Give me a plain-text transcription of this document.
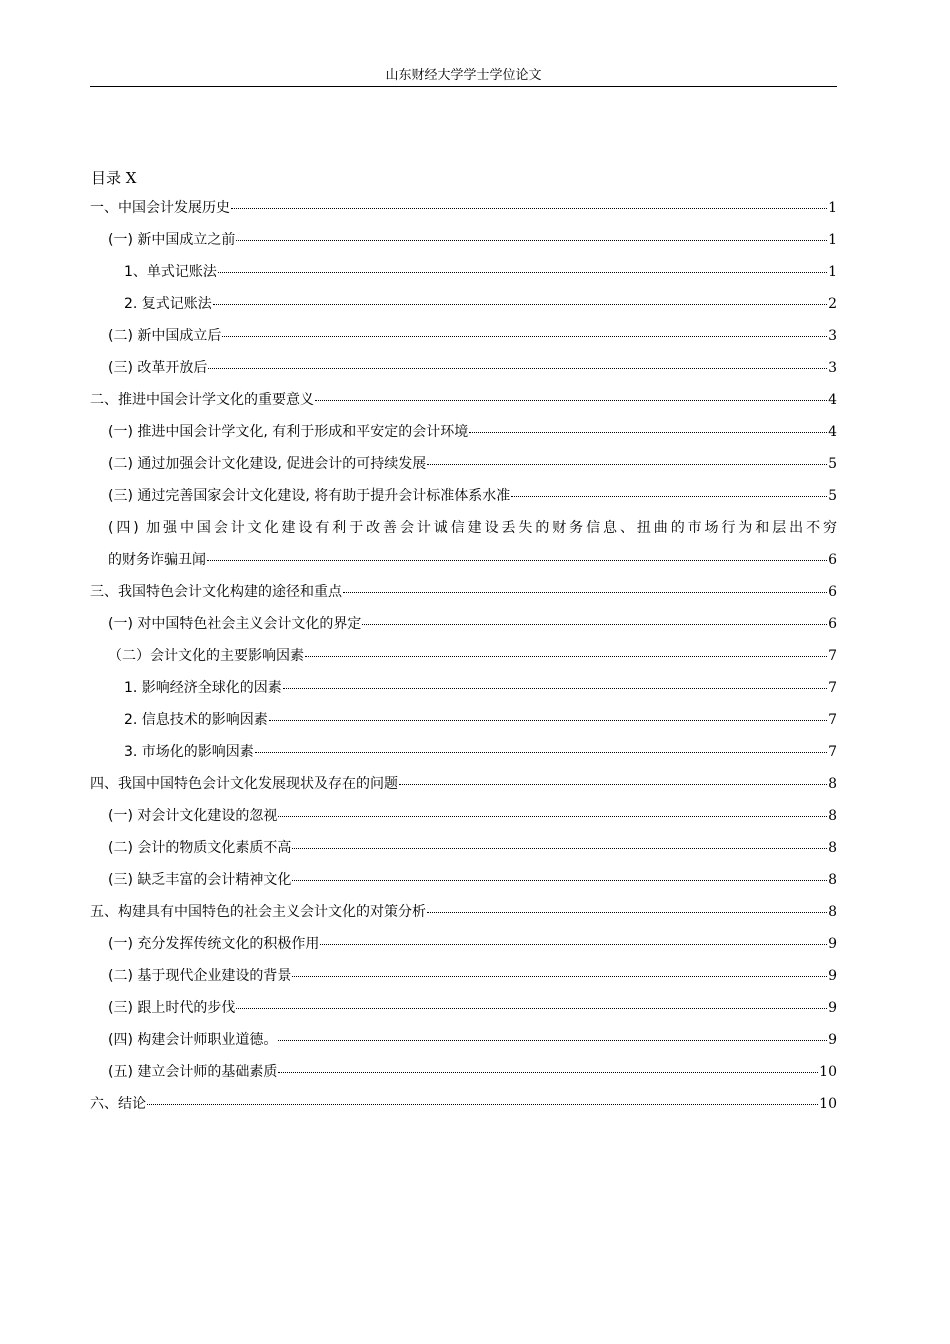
山东财经大学学士学位论文
目录 X
一、中国会计发展历史	1
(一) 新中国成立之前	1
1、单式记账法	1
2. 复式记账法	2
(二) 新中国成立后	3
(三) 改革开放后	3
二、推进中国会计学文化的重要意义	4
(一) 推进中国会计学文化, 有利于形成和平安定的会计环境	4
(二) 通过加强会计文化建设, 促进会计的可持续发展	5
(三) 通过完善国家会计文化建设, 将有助于提升会计标准体系水准	5
(四) 加强中国会计文化建设有利于改善会计诚信建设丢失的财务信息、扭曲的市场行为和层出不穷
的财务诈骗丑闻	6
三、我国特色会计文化构建的途径和重点	6
(一) 对中国特色社会主义会计文化的界定	6
（二）会计文化的主要影响因素	7
1. 影响经济全球化的因素	7
2. 信息技术的影响因素	7
3. 市场化的影响因素	7
四、我国中国特色会计文化发展现状及存在的问题	8
(一) 对会计文化建设的忽视	8
(二) 会计的物质文化素质不高	8
(三) 缺乏丰富的会计精神文化	8
五、构建具有中国特色的社会主义会计文化的对策分析	8
(一) 充分发挥传统文化的积极作用	9
(二) 基于现代企业建设的背景	9
(三) 跟上时代的步伐	9
(四) 构建会计师职业道德。	9
(五) 建立会计师的基础素质	10
六、结论	10
